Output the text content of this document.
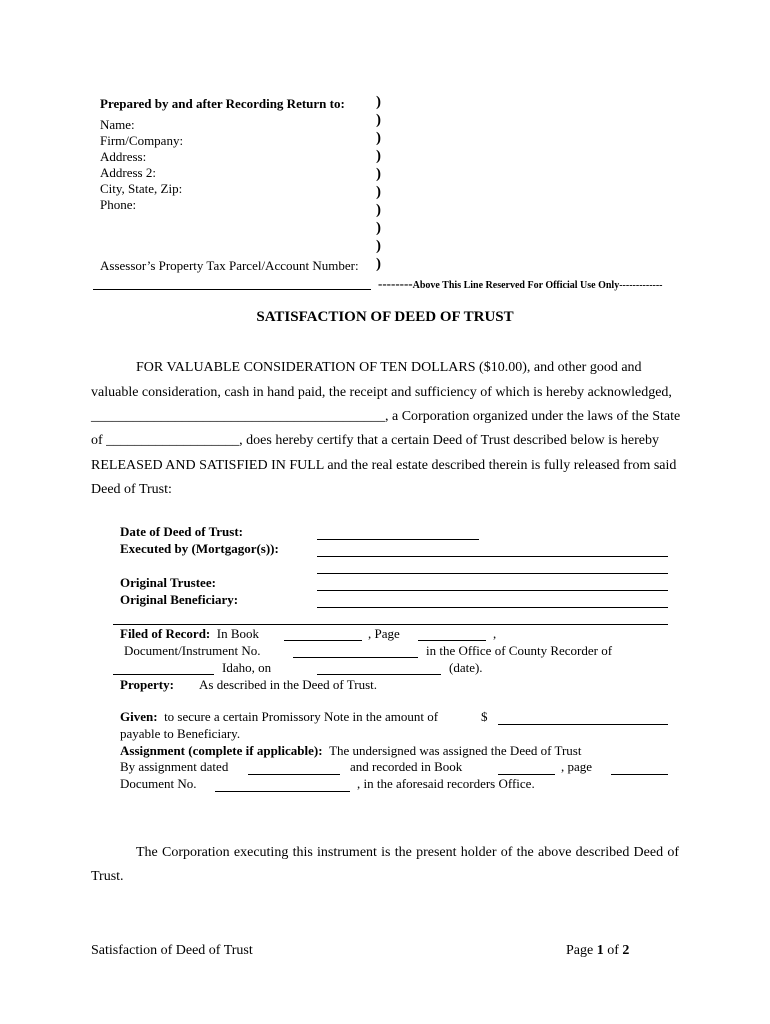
Prepared by and after Recording Return to:
Name:
Firm/Company:
Address:
Address 2:
City, State, Zip:
Phone:
Assessor’s Property Tax Parcel/Account Number:
)
)
)
)
)
)
)
)
)
)
--------Above This Line Reserved For Official Use Only-------------
SATISFACTION OF DEED OF TRUST
FOR VALUABLE CONSIDERATION OF TEN DOLLARS ($10.00), and other good and
valuable consideration, cash in hand paid, the receipt and sufficiency of which is hereby acknowledged,
__________________________________________, a Corporation organized under the laws of the State
of ___________________, does hereby certify that a certain Deed of Trust described below is hereby
RELEASED AND SATISFIED IN FULL and the real estate described therein is fully released from said
Deed of Trust:
Date of Deed of Trust:
Executed by (Mortgagor(s)):
Original Trustee:
Original Beneficiary:
Filed of Record: In Book	, Page	,
Document/Instrument No.	in the Office of County Recorder of
Idaho, on	(date).
Property: As described in the Deed of Trust.
Given: to secure a certain Promissory Note in the amount of	$
payable to Beneficiary.
Assignment (complete if applicable): The undersigned was assigned the Deed of Trust
By assignment dated	and recorded in Book	, page
Document No.	, in the aforesaid recorders Office.
The Corporation executing this instrument is the present holder of the above described Deed of
Trust.
Satisfaction of Deed of Trust	Page 1 of 2
